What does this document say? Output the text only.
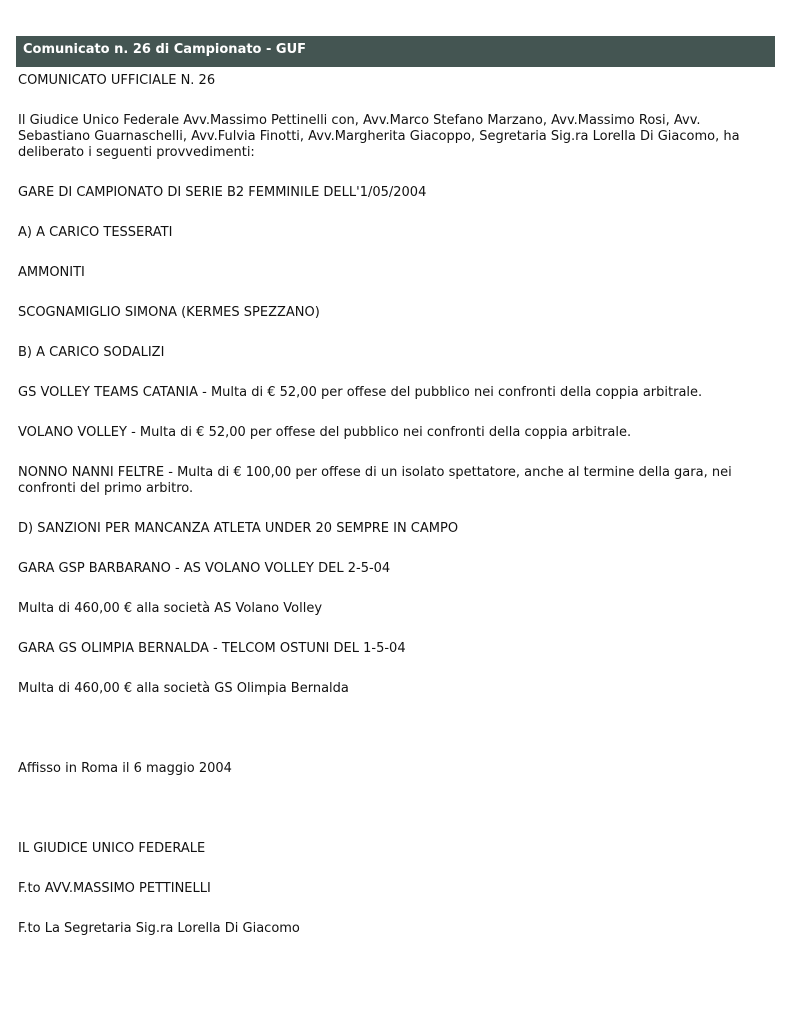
Comunicato n. 26 di Campionato - GUF

COMUNICATO UFFICIALE N. 26

Il Giudice Unico Federale Avv.Massimo Pettinelli con, Avv.Marco Stefano Marzano, Avv.Massimo Rosi, Avv. Sebastiano Guarnaschelli, Avv.Fulvia Finotti, Avv.Margherita Giacoppo, Segretaria Sig.ra Lorella Di Giacomo, ha deliberato i seguenti provvedimenti:

GARE DI CAMPIONATO DI SERIE B2 FEMMINILE DELL'1/05/2004

A) A CARICO TESSERATI

AMMONITI

SCOGNAMIGLIO SIMONA (KERMES SPEZZANO)

B) A CARICO SODALIZI

GS VOLLEY TEAMS CATANIA - Multa di € 52,00 per offese del pubblico nei confronti della coppia arbitrale.

VOLANO VOLLEY - Multa di € 52,00 per offese del pubblico nei confronti della coppia arbitrale.

NONNO NANNI FELTRE - Multa di € 100,00 per offese di un isolato spettatore, anche al termine della gara, nei confronti del primo arbitro.

D) SANZIONI PER MANCANZA ATLETA UNDER 20 SEMPRE IN CAMPO

GARA GSP BARBARANO - AS VOLANO VOLLEY DEL 2-5-04

Multa di 460,00 € alla società AS Volano Volley

GARA GS OLIMPIA BERNALDA - TELCOM OSTUNI DEL 1-5-04

Multa di 460,00 € alla società GS Olimpia Bernalda

Affisso in Roma il 6 maggio 2004

IL GIUDICE UNICO FEDERALE

F.to AVV.MASSIMO PETTINELLI

F.to La Segretaria Sig.ra Lorella Di Giacomo
